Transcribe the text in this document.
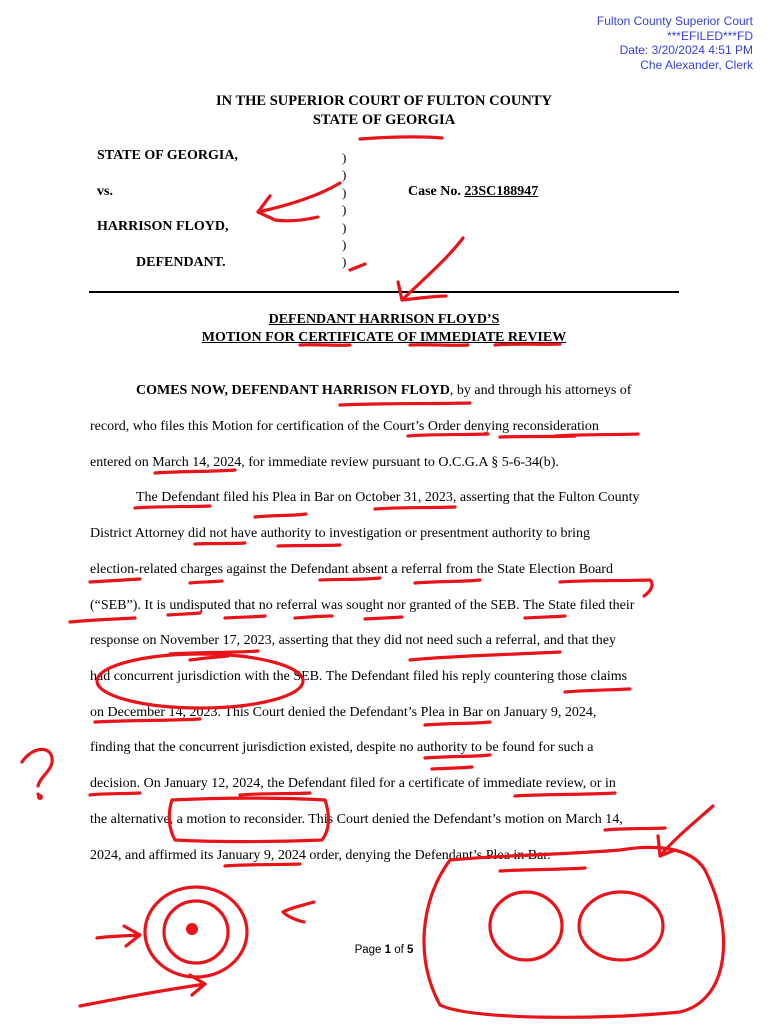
Fulton County Superior Court
***EFILED***FD
Date: 3/20/2024 4:51 PM
Che Alexander, Clerk
IN THE SUPERIOR COURT OF FULTON COUNTY
STATE OF GEORGIA
STATE OF GEORGIA,
vs.
HARRISON FLOYD,
DEFENDANT.
)
)
)
)
)
)
)
Case No. 23SC188947
DEFENDANT HARRISON FLOYD’S
MOTION FOR CERTIFICATE OF IMMEDIATE REVIEW
COMES NOW, DEFENDANT HARRISON FLOYD, by and through his attorneys of
record, who files this Motion for certification of the Court’s Order denying reconsideration
entered on March 14, 2024, for immediate review pursuant to O.C.G.A § 5-6-34(b).
The Defendant filed his Plea in Bar on October 31, 2023, asserting that the Fulton County
District Attorney did not have authority to investigation or presentment authority to bring
election-related charges against the Defendant absent a referral from the State Election Board
(“SEB”). It is undisputed that no referral was sought nor granted of the SEB. The State filed their
response on November 17, 2023, asserting that they did not need such a referral, and that they
had concurrent jurisdiction with the SEB. The Defendant filed his reply countering those claims
on December 14, 2023. This Court denied the Defendant’s Plea in Bar on January 9, 2024,
finding that the concurrent jurisdiction existed, despite no authority to be found for such a
decision. On January 12, 2024, the Defendant filed for a certificate of immediate review, or in
the alternative, a motion to reconsider. This Court denied the Defendant’s motion on March 14,
2024, and affirmed its January 9, 2024 order, denying the Defendant’s Plea in Bar.
Page 1 of 5
